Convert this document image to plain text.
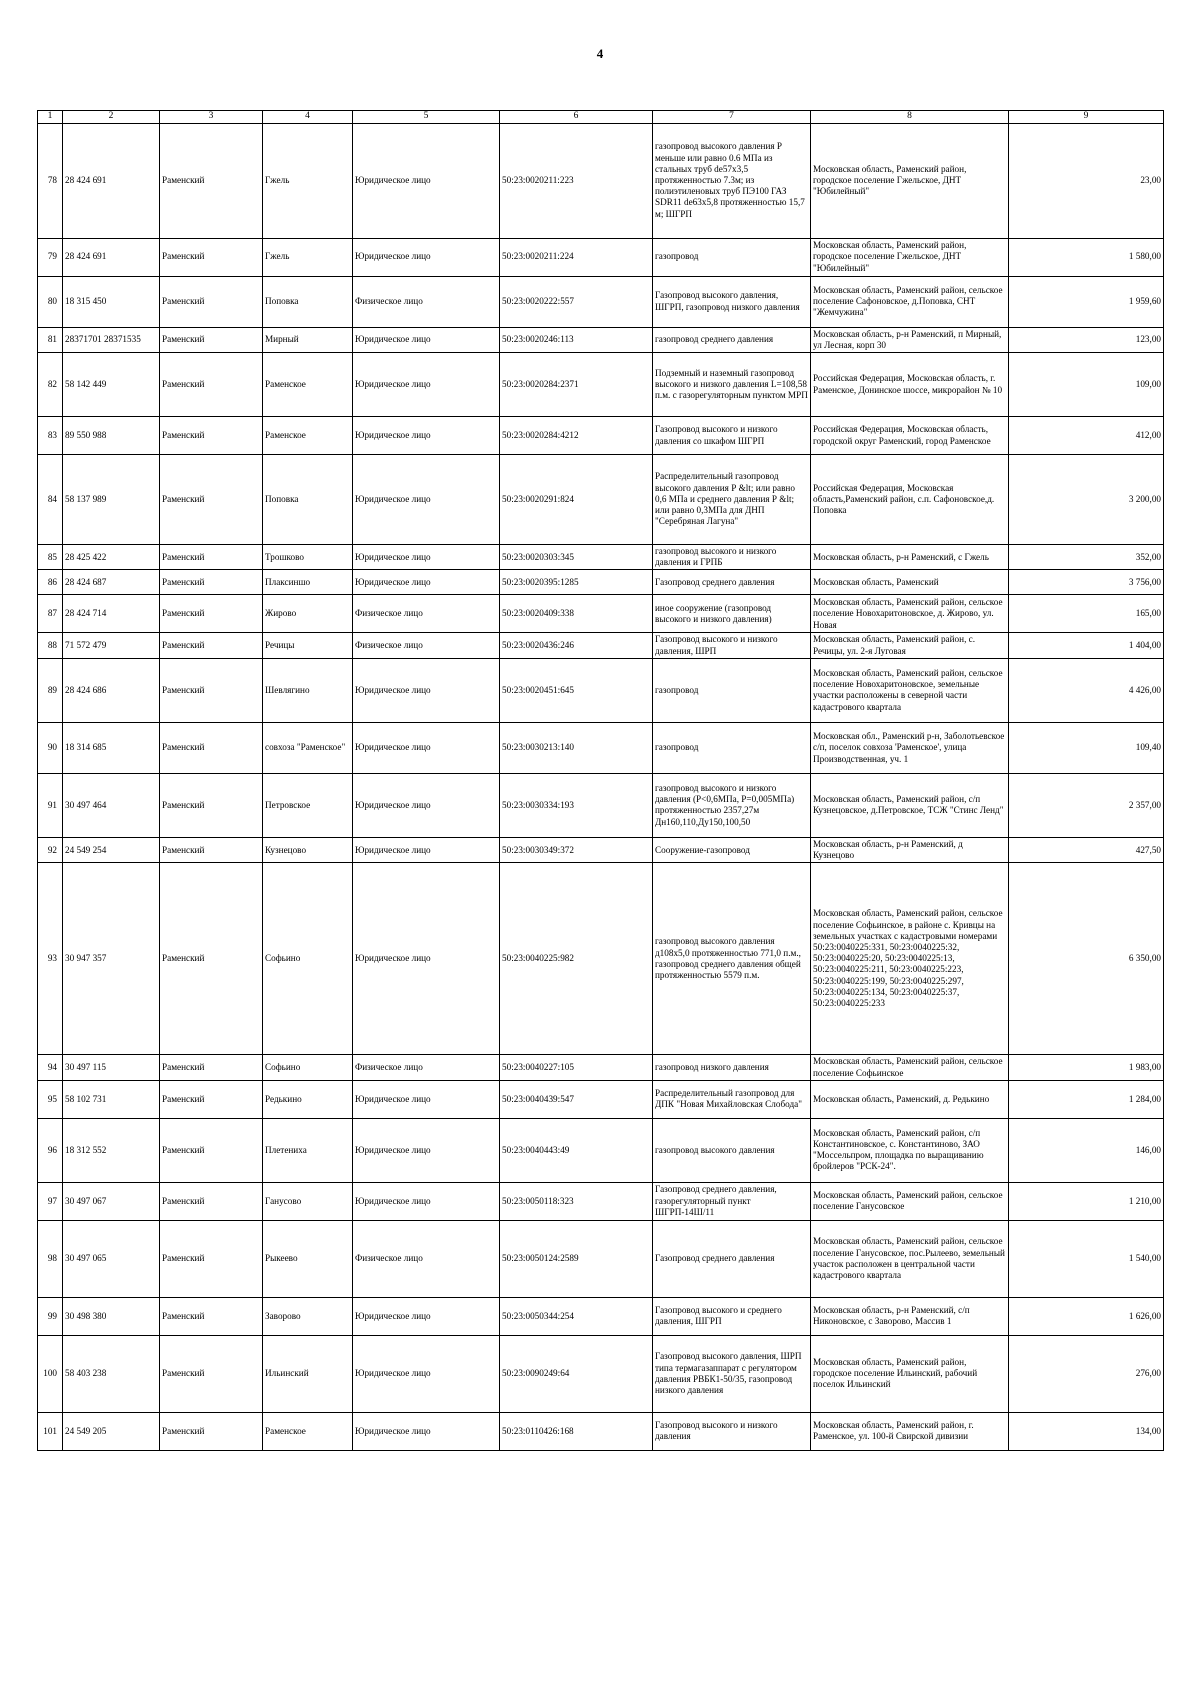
4
1	2	3	4	5	6	7	8	9
78	28 424 691	Раменский	Гжель	Юридическое лицо	50:23:0020211:223	газопровод высокого давления Р меньше или равно 0.6 МПа из стальных труб de57x3,5 протяженностью 7.3м; из полиэтиленовых труб ПЭ100 ГАЗ SDR11 de63x5,8 протяженностью 15,7 м; ШГРП	Московская область, Раменский район, городское поселение Гжельское, ДНТ "Юбилейный"	23,00
79	28 424 691	Раменский	Гжель	Юридическое лицо	50:23:0020211:224	газопровод	Московская область, Раменский район, городское поселение Гжельское, ДНТ "Юбилейный"	1 580,00
80	18 315 450	Раменский	Поповка	Физическое лицо	50:23:0020222:557	Газопровод высокого давления, ШГРП, газопровод низкого давления	Московская область, Раменский район, сельское поселение Сафоновское, д.Поповка, СНТ "Жемчужина"	1 959,60
81	28371701 28371535	Раменский	Мирный	Юридическое лицо	50:23:0020246:113	газопровод среднего давления	Московская область, р-н Раменский, п Мирный, ул Лесная, корп 30	123,00
82	58 142 449	Раменский	Раменское	Юридическое лицо	50:23:0020284:2371	Подземный и наземный газопровод высокого и низкого давления L=108,58 п.м. с газорегуляторным пунктом МРП	Российская Федерация, Московская область, г. Раменское, Донинское шоссе, микрорайон № 10	109,00
83	89 550 988	Раменский	Раменское	Юридическое лицо	50:23:0020284:4212	Газопровод высокого и низкого давления со шкафом ШГРП	Российская Федерация, Московская область, городской округ Раменский, город Раменское	412,00
84	58 137 989	Раменский	Поповка	Юридическое лицо	50:23:0020291:824	Распределительный газопровод высокого давления Р &lt; или равно 0,6 МПа и среднего давления Р &lt; или равно 0,3МПа для ДНП "Серебряная Лагуна"	Российская Федерация, Московская область,Раменский район, с.п. Сафоновское,д. Поповка	3 200,00
85	28 425 422	Раменский	Трошково	Юридическое лицо	50:23:0020303:345	газопровод высокого и низкого давления и ГРПБ	Московская область, р-н Раменский, с Гжель	352,00
86	28 424 687	Раменский	Плаксиншо	Юридическое лицо	50:23:0020395:1285	Газопровод среднего давления	Московская область, Раменский	3 756,00
87	28 424 714	Раменский	Жирово	Физическое лицо	50:23:0020409:338	иное сооружение (газопровод высокого и низкого давления)	Московская область, Раменский район, сельское поселение Новохаритоновское, д. Жирово, ул. Новая	165,00
88	71 572 479	Раменский	Речицы	Физическое лицо	50:23:0020436:246	Газопровод высокого и низкого давления, ШРП	Московская область, Раменский район, с. Речицы, ул. 2-я Луговая	1 404,00
89	28 424 686	Раменский	Шевлягино	Юридическое лицо	50:23:0020451:645	газопровод	Московская область, Раменский район, сельское поселение Новохаритоновское, земельные участки расположены в северной части кадастрового квартала	4 426,00
90	18 314 685	Раменский	совхоза "Раменское"	Юридическое лицо	50:23:0030213:140	газопровод	Московская обл., Раменский р-н, Заболотьевское с/п, поселок совхоза 'Раменское', улица Производственная, уч. 1	109,40
91	30 497 464	Раменский	Петровское	Юридическое лицо	50:23:0030334:193	газопровод высокого и низкого давления (Р<0,6МПа, Р=0,005МПа) протяженностью 2357,27м Дн160,110,Ду150,100,50	Московская область, Раменский район, с/п Кузнецовское, д.Петровское, ТСЖ "Стинс Ленд"	2 357,00
92	24 549 254	Раменский	Кузнецово	Юридическое лицо	50:23:0030349:372	Сооружение-газопровод	Московская область, р-н Раменский, д Кузнецово	427,50
93	30 947 357	Раменский	Софьино	Юридическое лицо	50:23:0040225:982	газопровод высокого давления д108х5,0 протяженностью 771,0 п.м., газопровод среднего давления общей протяженностью 5579 п.м.	Московская область, Раменский район, сельское поселение Софьинское, в районе с. Кривцы на земельных участках с кадастровыми номерами 50:23:0040225:331, 50:23:0040225:32, 50:23:0040225:20, 50:23:0040225:13, 50:23:0040225:211, 50:23:0040225:223, 50:23:0040225:199, 50:23:0040225:297, 50:23:0040225:134, 50:23:0040225:37, 50:23:0040225:233	6 350,00
94	30 497 115	Раменский	Софьино	Физическое лицо	50:23:0040227:105	газопровод низкого давления	Московская область, Раменский район, сельское поселение Софьинское	1 983,00
95	58 102 731	Раменский	Редькино	Юридическое лицо	50:23:0040439:547	Распределительный газопровод для ДПК "Новая Михайловская Слобода"	Московская область, Раменский, д. Редькино	1 284,00
96	18 312 552	Раменский	Плетениха	Юридическое лицо	50:23:0040443:49	газопровод высокого давления	Московская область, Раменский район, с/п Константиновское, с. Константиново, ЗАО "Моссельпром, площадка по выращиванию бройлеров "РСК-24".	146,00
97	30 497 067	Раменский	Ганусово	Юридическое лицо	50:23:0050118:323	Газопровод среднего давления, газорегуляторный пункт ШГРП-14Ш/11	Московская область, Раменский район, сельское поселение Ганусовское	1 210,00
98	30 497 065	Раменский	Рыкеево	Физическое лицо	50:23:0050124:2589	Газопровод среднего давления	Московская область, Раменский район, сельское поселение Ганусовское, пос.Рылеево, земельный участок расположен в центральной части кадастрового квартала	1 540,00
99	30 498 380	Раменский	Заворово	Юридическое лицо	50:23:0050344:254	Газопровод высокого и среднего давления, ШГРП	Московская область, р-н Раменский, с/п Никоновское, с Заворово, Массив 1	1 626,00
100	58 403 238	Раменский	Ильинский	Юридическое лицо	50:23:0090249:64	Газопровод высокого давления, ШРП типа термагазаппарат с регулятором давления РВБК1-50/35, газопровод низкого давления	Московская область, Раменский район, городское поселение Ильинский, рабочий поселок Ильинский	276,00
101	24 549 205	Раменский	Раменское	Юридическое лицо	50:23:0110426:168	Газопровод высокого и низкого давления	Московская область, Раменский район, г. Раменское, ул. 100-й Свирской дивизии	134,00
